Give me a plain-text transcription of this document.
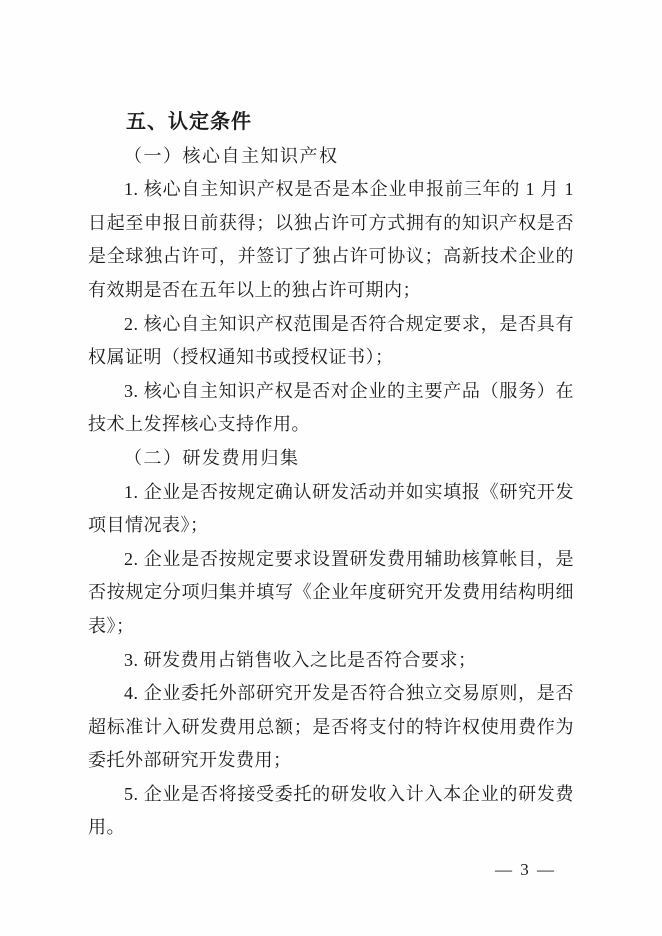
五、认定条件

（一）核心自主知识产权

1. 核心自主知识产权是否是本企业申报前三年的 1 月 1 日起至申报日前获得；以独占许可方式拥有的知识产权是否是全球独占许可，并签订了独占许可协议；高新技术企业的有效期是否在五年以上的独占许可期内；

2. 核心自主知识产权范围是否符合规定要求，是否具有权属证明（授权通知书或授权证书）；

3. 核心自主知识产权是否对企业的主要产品（服务）在技术上发挥核心支持作用。

（二）研发费用归集

1. 企业是否按规定确认研发活动并如实填报《研究开发项目情况表》；

2. 企业是否按规定要求设置研发费用辅助核算帐目，是否按规定分项归集并填写《企业年度研究开发费用结构明细表》；

3. 研发费用占销售收入之比是否符合要求；

4. 企业委托外部研究开发是否符合独立交易原则，是否超标准计入研发费用总额；是否将支付的特许权使用费作为委托外部研究开发费用；

5. 企业是否将接受委托的研发收入计入本企业的研发费用。

— 3 —
